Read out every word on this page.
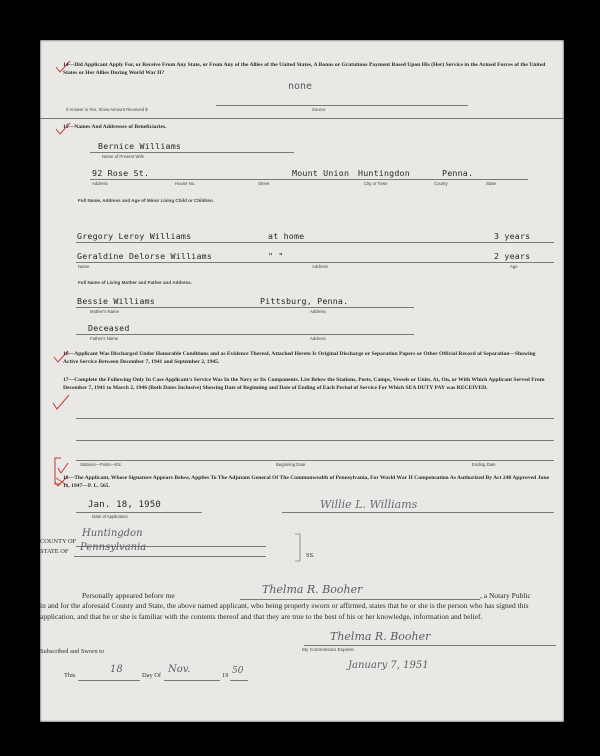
14—Did Applicant Apply For, or Receive From Any State, or From Any of the Allies of the United States, A Bonus or Gratuitous Payment Based Upon His (Her) Service in the Armed Forces of the United States or Her Allies During World War II?
none
If Answer is Yes, Show Amount Received $	Source
15—Names And Addresses of Beneficiaries.
Bernice Williams
Name of Present Wife
92 Rose St.	Mount Union Huntingdon	Penna.
Address	House No.	Street	City or Town	County	State
Full Name, Address and Age of Minor Living Child or Children.
Gregory Leroy Williams	at home	3 years
Geraldine Delorse Williams	" "	2 years
Name	Address	Age
Full Name of Living Mother and Father and Address.
Bessie Williams	Pittsburg, Penna.
Mother's Name	Address
Deceased
Father's Name	Address
16—Applicant Was Discharged Under Honorable Conditions and as Evidence Thereof, Attached Hereto Is Original Discharge or Separation Papers or Other Official Record of Separation—Showing Active Service Between December 7, 1941 and September 2, 1945.
17—Complete the Following Only In Case Applicant's Service Was In the Navy or Its Components. List Below the Stations, Posts, Camps, Vessels or Units, At, On, or With Which Applicant Served From December 7, 1941 to March 2, 1946 (Both Dates Inclusive) Showing Date of Beginning and Date of Ending of Each Period of Service For Which SEA DUTY PAY was RECEIVED.
Stations—Posts—Etc.	Beginning Date	Ending Date
18—The Applicant, Whose Signature Appears Below, Applies To The Adjutant General Of The Commonwealth of Pennsylvania, For World War II Compensation As Authorized By Act 248 Approved June 11, 1947—P. L. 565.
Jan. 18, 1950
Date of Application
Willie L. Williams
COUNTY OF
Huntingdon
STATE OF Pennsylvania
SS.
Personally appeared before me	Thelma R. Booher	, a Notary Public
in and for the aforesaid County and State, the above named applicant, who being properly sworn or affirmed, states that he or she is the person who has signed this application, and that he or she is familiar with the contents thereof and that they are true to the best of his or her knowledge, information and belief.
Thelma R. Booher
My Commission Expires:
January 7, 1951
Subscribed and Sworn to
This
18
Day Of
Nov.
19 50
